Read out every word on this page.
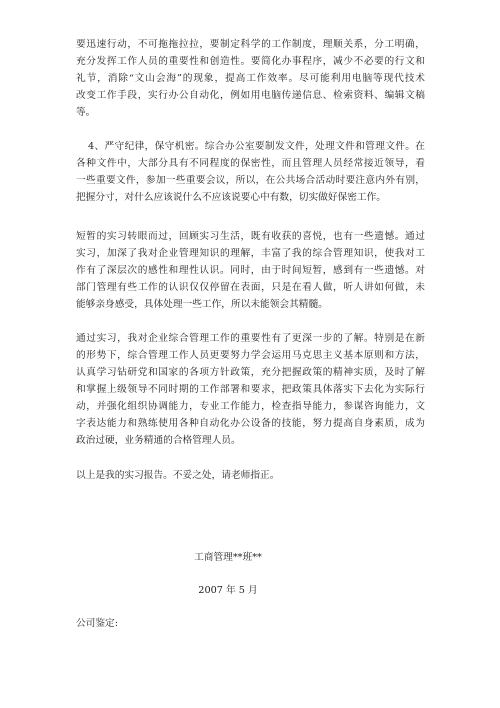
要迅速行动，不可拖拖拉拉，要制定科学的工作制度，理顺关系，分工明确，
充分发挥工作人员的重要性和创造性。要简化办事程序，减少不必要的行文和
礼节，消除“文山会海”的现象，提高工作效率。尽可能利用电脑等现代技术
改变工作手段，实行办公自动化，例如用电脑传递信息、检索资料、编辑文稿
等。
4、严守纪律，保守机密。综合办公室要制发文件，处理文件和管理文件。在
各种文件中，大部分具有不同程度的保密性，而且管理人员经常接近领导，看
一些重要文件，参加一些重要会议，所以，在公共场合活动时要注意内外有别，
把握分寸，对什么应该说什么不应该说要心中有数，切实做好保密工作。
短暂的实习转眼而过，回顾实习生活，既有收获的喜悦，也有一些遗憾。通过
实习，加深了我对企业管理知识的理解，丰富了我的综合管理知识，使我对工
作有了深层次的感性和理性认识。同时，由于时间短暂，感到有一些遗憾。对
部门管理有些工作的认识仅仅停留在表面，只是在看人做，听人讲如何做，未
能够亲身感受，具体处理一些工作，所以未能领会其精髓。
通过实习，我对企业综合管理工作的重要性有了更深一步的了解。特别是在新
的形势下，综合管理工作人员更要努力学会运用马克思主义基本原则和方法，
认真学习钻研党和国家的各项方针政策，充分把握政策的精神实质，及时了解
和掌握上级领导不同时期的工作部署和要求，把政策具体落实下去化为实际行
动，并强化组织协调能力，专业工作能力，检查指导能力，参谋咨询能力，文
字表达能力和熟练使用各种自动化办公设备的技能，努力提高自身素质，成为
政治过硬，业务精通的合格管理人员。
以上是我的实习报告。不妥之处，请老师指正。
工商管理**班**
2007 年 5 月
公司鉴定:
